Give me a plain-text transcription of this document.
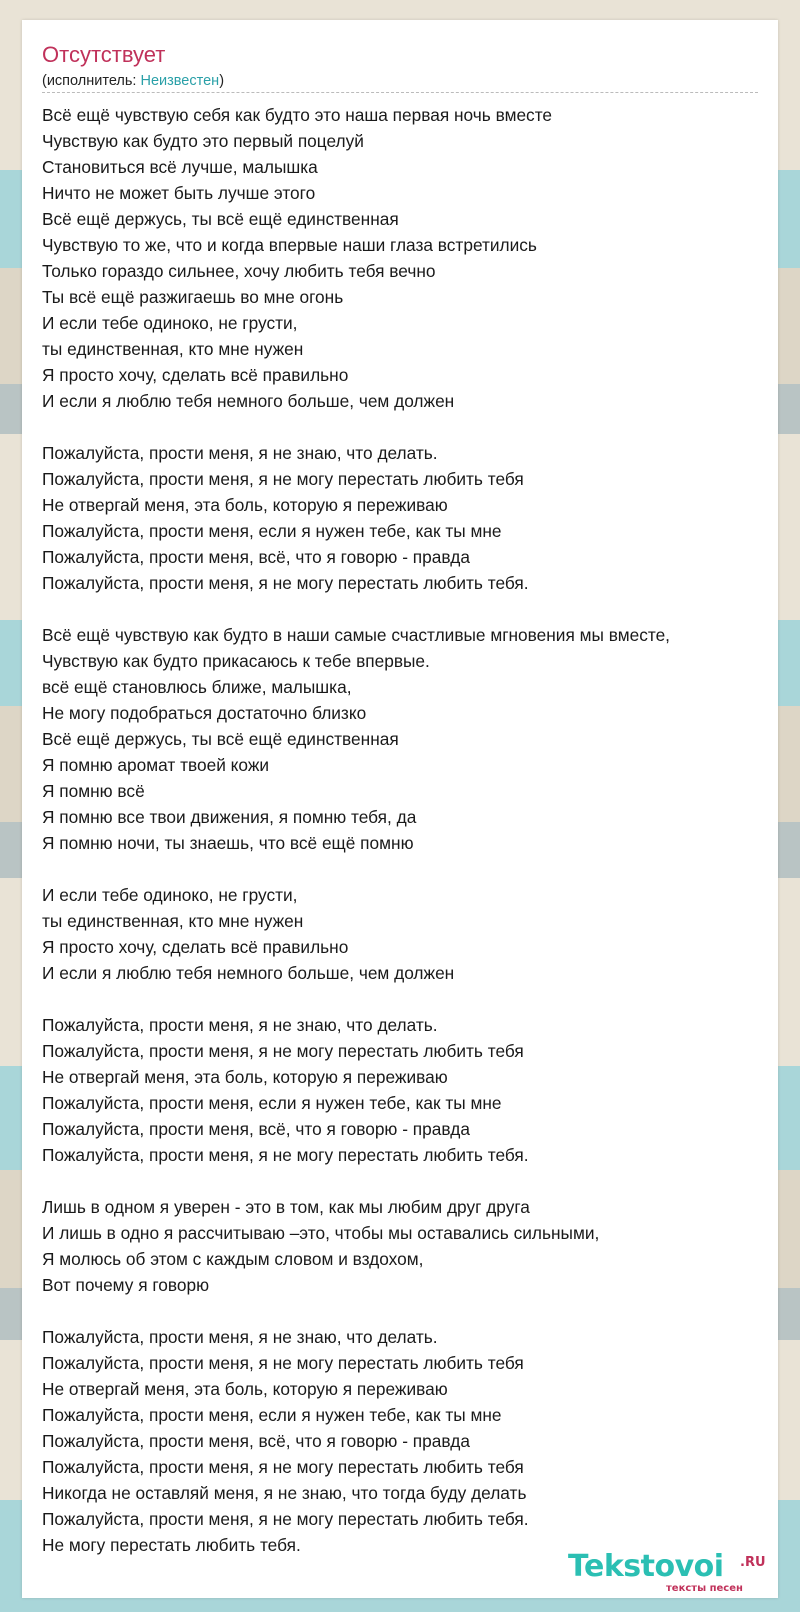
Отсутствует
(исполнитель: Неизвестен)
Всё ещё чувствую себя как будто это наша первая ночь вместе
Чувствую как будто это первый поцелуй
Становиться всё лучше, малышка
Ничто не может быть лучше этого
Всё ещё держусь, ты всё ещё единственная
Чувствую то же, что и когда впервые наши глаза встретились
Только гораздо сильнее, хочу любить тебя вечно
Ты всё ещё разжигаешь во мне огонь
И если тебе одиноко, не грусти,
ты единственная, кто мне нужен
Я просто хочу, сделать всё правильно
И если я люблю тебя немного больше, чем должен
Пожалуйста, прости меня, я не знаю, что делать.
Пожалуйста, прости меня, я не могу перестать любить тебя
Не отвергай меня, эта боль, которую я переживаю
Пожалуйста, прости меня, если я нужен тебе, как ты мне
Пожалуйста, прости меня, всё, что я говорю - правда
Пожалуйста, прости меня, я не могу перестать любить тебя.
Всё ещё чувствую как будто в наши самые счастливые мгновения мы вместе,
Чувствую как будто прикасаюсь к тебе впервые.
всё ещё становлюсь ближе, малышка,
Не могу подобраться достаточно близко
Всё ещё держусь, ты всё ещё единственная
Я помню аромат твоей кожи
Я помню всё
Я помню все твои движения, я помню тебя, да
Я помню ночи, ты знаешь, что всё ещё помню
И если тебе одиноко, не грусти,
ты единственная, кто мне нужен
Я просто хочу, сделать всё правильно
И если я люблю тебя немного больше, чем должен
Пожалуйста, прости меня, я не знаю, что делать.
Пожалуйста, прости меня, я не могу перестать любить тебя
Не отвергай меня, эта боль, которую я переживаю
Пожалуйста, прости меня, если я нужен тебе, как ты мне
Пожалуйста, прости меня, всё, что я говорю - правда
Пожалуйста, прости меня, я не могу перестать любить тебя.
Лишь в одном я уверен - это в том, как мы любим друг друга
И лишь в одно я рассчитываю –это, чтобы мы оставались сильными,
Я молюсь об этом с каждым словом и вздохом,
Вот почему я говорю
Пожалуйста, прости меня, я не знаю, что делать.
Пожалуйста, прости меня, я не могу перестать любить тебя
Не отвергай меня, эта боль, которую я переживаю
Пожалуйста, прости меня, если я нужен тебе, как ты мне
Пожалуйста, прости меня, всё, что я говорю - правда
Пожалуйста, прости меня, я не могу перестать любить тебя
Никогда не оставляй меня, я не знаю, что тогда буду делать
Пожалуйста, прости меня, я не могу перестать любить тебя.
Не могу перестать любить тебя.
Tekstovoi .RU
тексты песен
